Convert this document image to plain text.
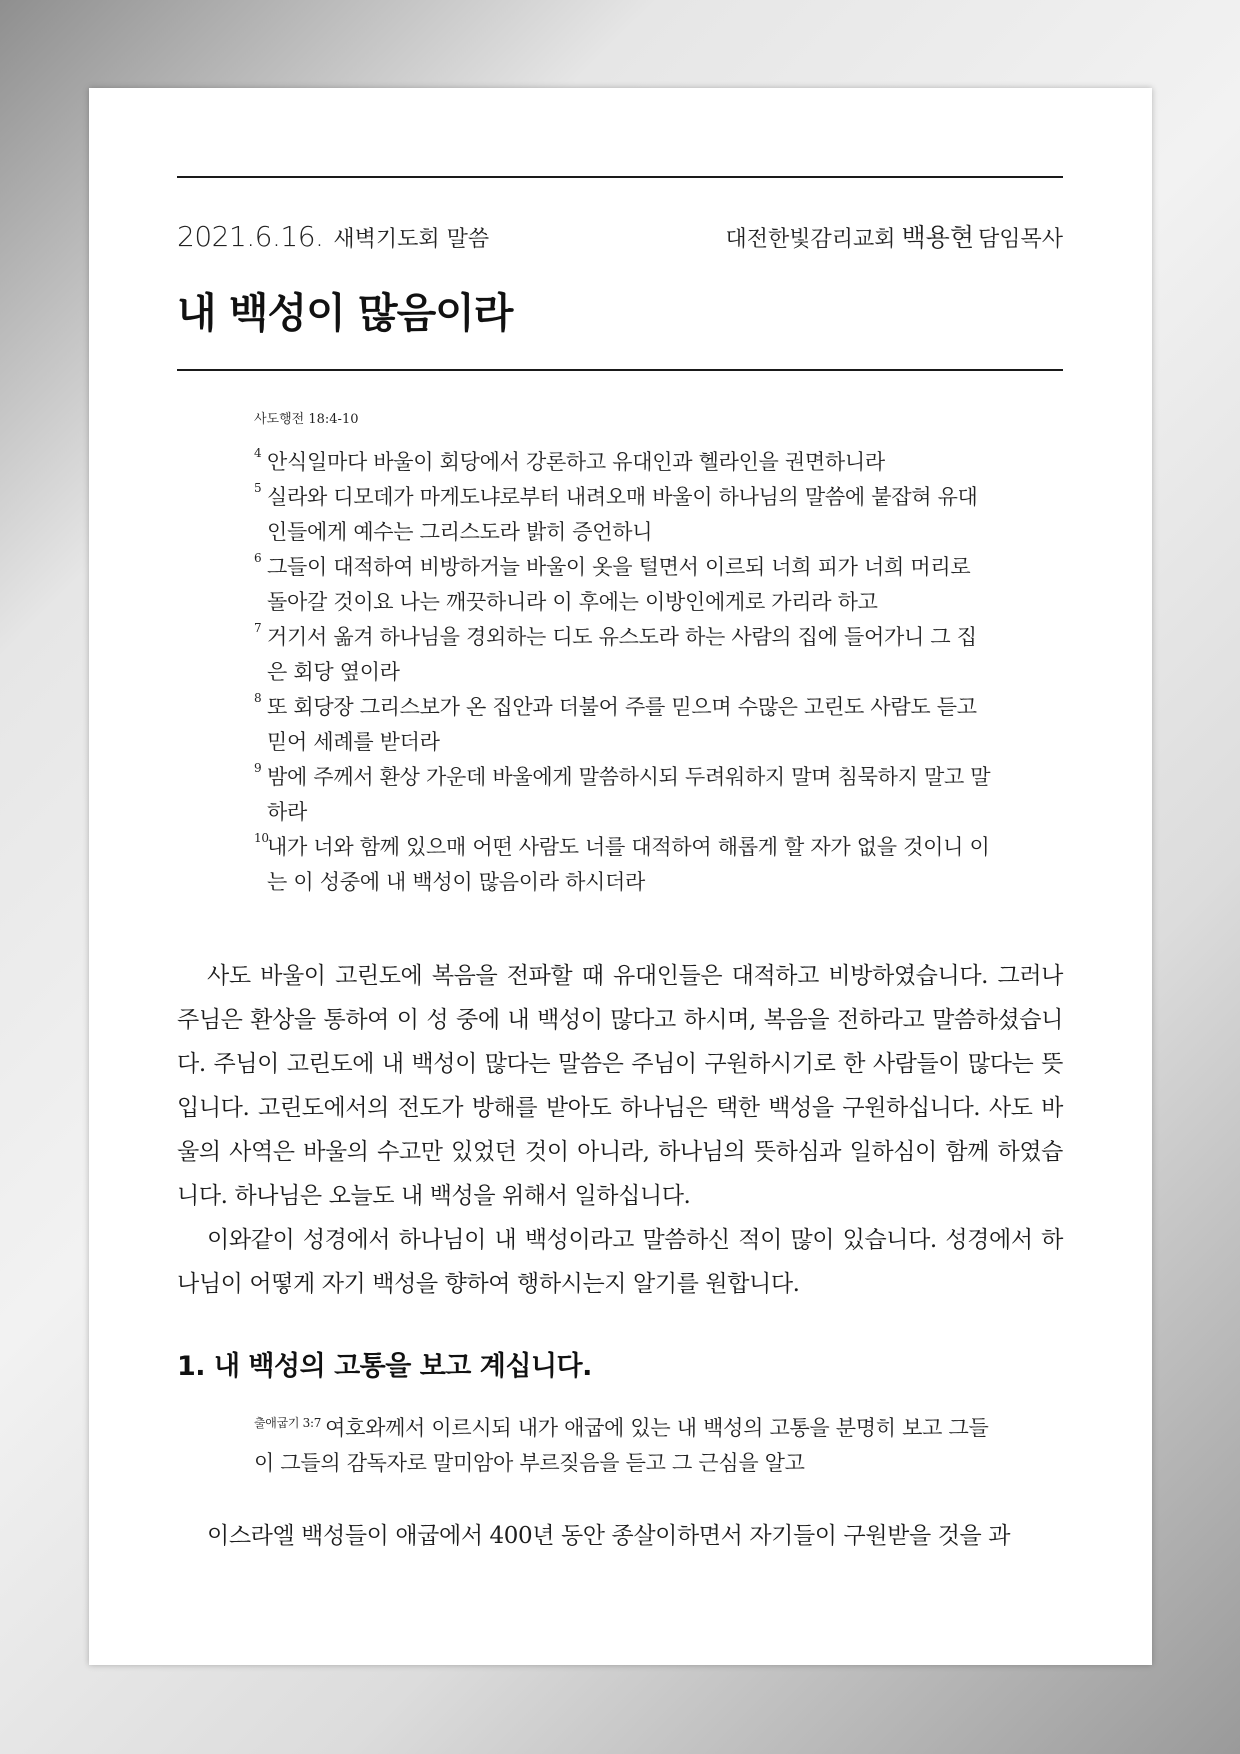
2021.6.16. 새벽기도회 말씀	대전한빛감리교회 백용현 담임목사
내 백성이 많음이라
사도행전 18:4-10
4 안식일마다 바울이 회당에서 강론하고 유대인과 헬라인을 권면하니라
5 실라와 디모데가 마게도냐로부터 내려오매 바울이 하나님의 말씀에 붙잡혀 유대인들에게 예수는 그리스도라 밝히 증언하니
6 그들이 대적하여 비방하거늘 바울이 옷을 털면서 이르되 너희 피가 너희 머리로 돌아갈 것이요 나는 깨끗하니라 이 후에는 이방인에게로 가리라 하고
7 거기서 옮겨 하나님을 경외하는 디도 유스도라 하는 사람의 집에 들어가니 그 집은 회당 옆이라
8 또 회당장 그리스보가 온 집안과 더불어 주를 믿으며 수많은 고린도 사람도 듣고 믿어 세례를 받더라
9 밤에 주께서 환상 가운데 바울에게 말씀하시되 두려워하지 말며 침묵하지 말고 말하라
10
내가 너와 함께 있으매 어떤 사람도 너를 대적하여 해롭게 할 자가 없을 것이니 이는 이 성중에 내 백성이 많음이라 하시더라

사도 바울이 고린도에 복음을 전파할 때 유대인들은 대적하고 비방하였습니다. 그러나 주님은 환상을 통하여 이 성 중에 내 백성이 많다고 하시며, 복음을 전하라고 말씀하셨습니다. 주님이 고린도에 내 백성이 많다는 말씀은 주님이 구원하시기로 한 사람들이 많다는 뜻입니다. 고린도에서의 전도가 방해를 받아도 하나님은 택한 백성을 구원하십니다. 사도 바울의 사역은 바울의 수고만 있었던 것이 아니라, 하나님의 뜻하심과 일하심이 함께 하였습니다. 하나님은 오늘도 내 백성을 위해서 일하십니다.

이와같이 성경에서 하나님이 내 백성이라고 말씀하신 적이 많이 있습니다. 성경에서 하나님이 어떻게 자기 백성을 향하여 행하시는지 알기를 원합니다.

1. 내 백성의 고통을 보고 계십니다.
$^{출애굽기 3:7}$ 여호와께서 이르시되 내가 애굽에 있는 내 백성의 고통을 분명히 보고 그들이 그들의 감독자로 말미암아 부르짖음을 듣고 그 근심을 알고

이스라엘 백성들이 애굽에서 400년 동안 종살이하면서 자기들이 구원받을 것을 과
